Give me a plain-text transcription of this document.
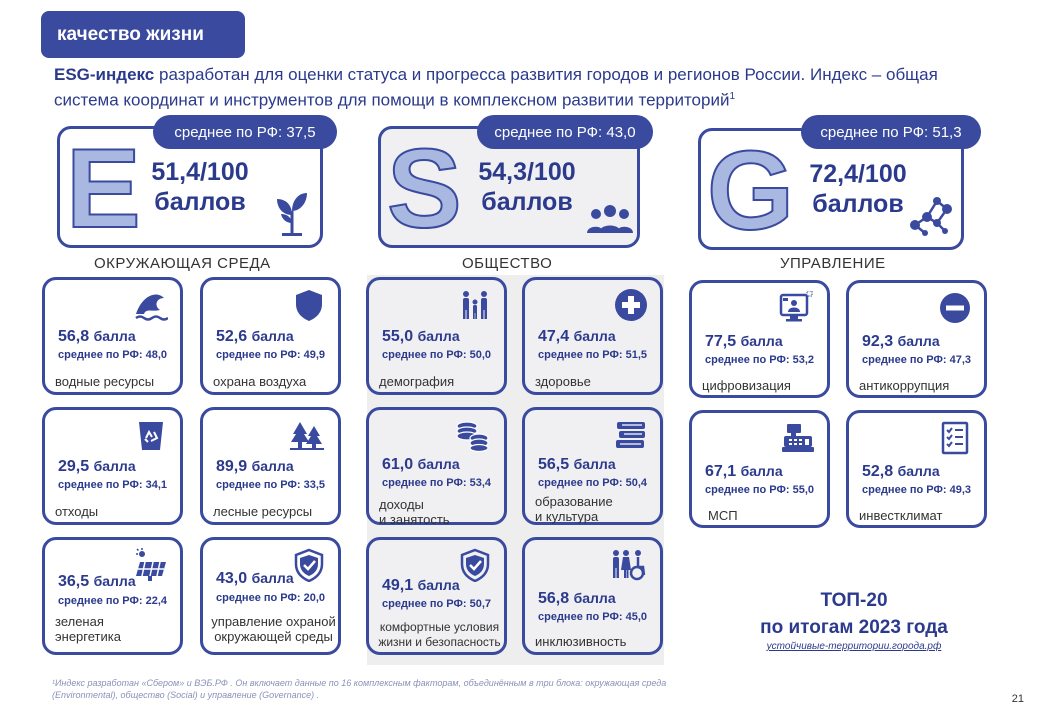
качество жизни
ESG-индекс разработан для оценки статуса и прогресса развития городов и регионов России. Индекс – общая система координат и инструментов для помощи в комплексном развитии территорий$^1$
E 51,4/100
баллов
среднее по РФ: 37,5
ОКРУЖАЮЩАЯ СРЕДА
S 54,3/100
баллов
среднее по РФ: 43,0
ОБЩЕСТВО
G 72,4/100
баллов
среднее по РФ: 51,3
УПРАВЛЕНИЕ
56,8 балла
среднее по РФ: 48,0
водные ресурсы
52,6 балла
среднее по РФ: 49,9
охрана воздуха
29,5 балла
среднее по РФ: 34,1
отходы
89,9 балла
среднее по РФ: 33,5
лесные ресурсы
36,5 балла
среднее по РФ: 22,4
зеленая
энергетика
43,0 балла
среднее по РФ: 20,0
управление охраной
окружающей среды
55,0 балла
среднее по РФ: 50,0
демография
47,4 балла
среднее по РФ: 51,5
здоровье
61,0 балла
среднее по РФ: 53,4
доходы
и занятость
56,5 балла
среднее по РФ: 50,4
образование
и культура
49,1 балла
среднее по РФ: 50,7
комфортные условия
жизни и безопасность
56,8 балла
среднее по РФ: 45,0
инклюзивность
77,5 балла
среднее по РФ: 53,2
цифровизация
92,3 балла
среднее по РФ: 47,3
антикоррупция
67,1 балла
среднее по РФ: 55,0
МСП
52,8 балла
среднее по РФ: 49,3
инвестклимат
ТОП-20
по итогам 2023 года
устойчивые-территории.города.рф
¹Индекс разработан «Сбером» и ВЭБ.РФ . Он включает данные по 16 комплексным факторам, объединённым в три блока: окружающая среда (Environmental), общество (Social) и управление (Governance) .	21
